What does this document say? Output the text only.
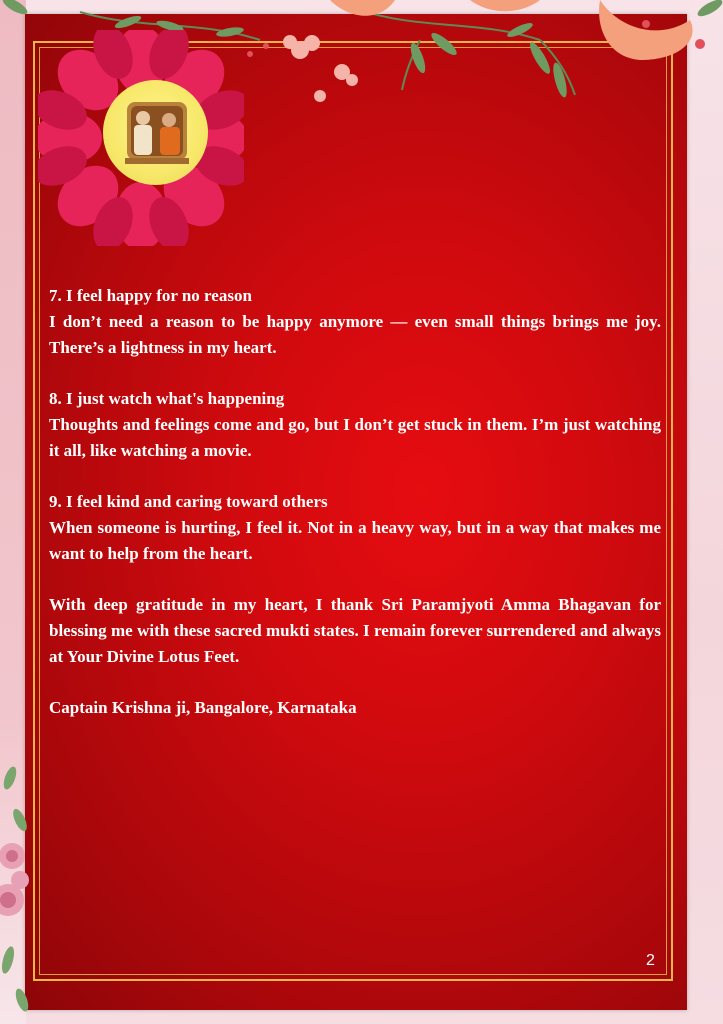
7. I feel happy for no reason
I don’t need a reason to be happy anymore — even small things brings me joy. There’s a lightness in my heart.
8. I just watch what's happening
Thoughts and feelings come and go, but I don’t get stuck in them. I’m just watching it all, like watching a movie.
9. I feel kind and caring toward others
When someone is hurting, I feel it. Not in a heavy way, but in a way that makes me want to help from the heart.

With deep gratitude in my heart, I thank Sri Paramjyoti Amma Bhagavan for blessing me with these sacred mukti states. I remain forever surrendered and always at Your Divine Lotus Feet.

Captain Krishna ji, Bangalore, Karnataka

2
